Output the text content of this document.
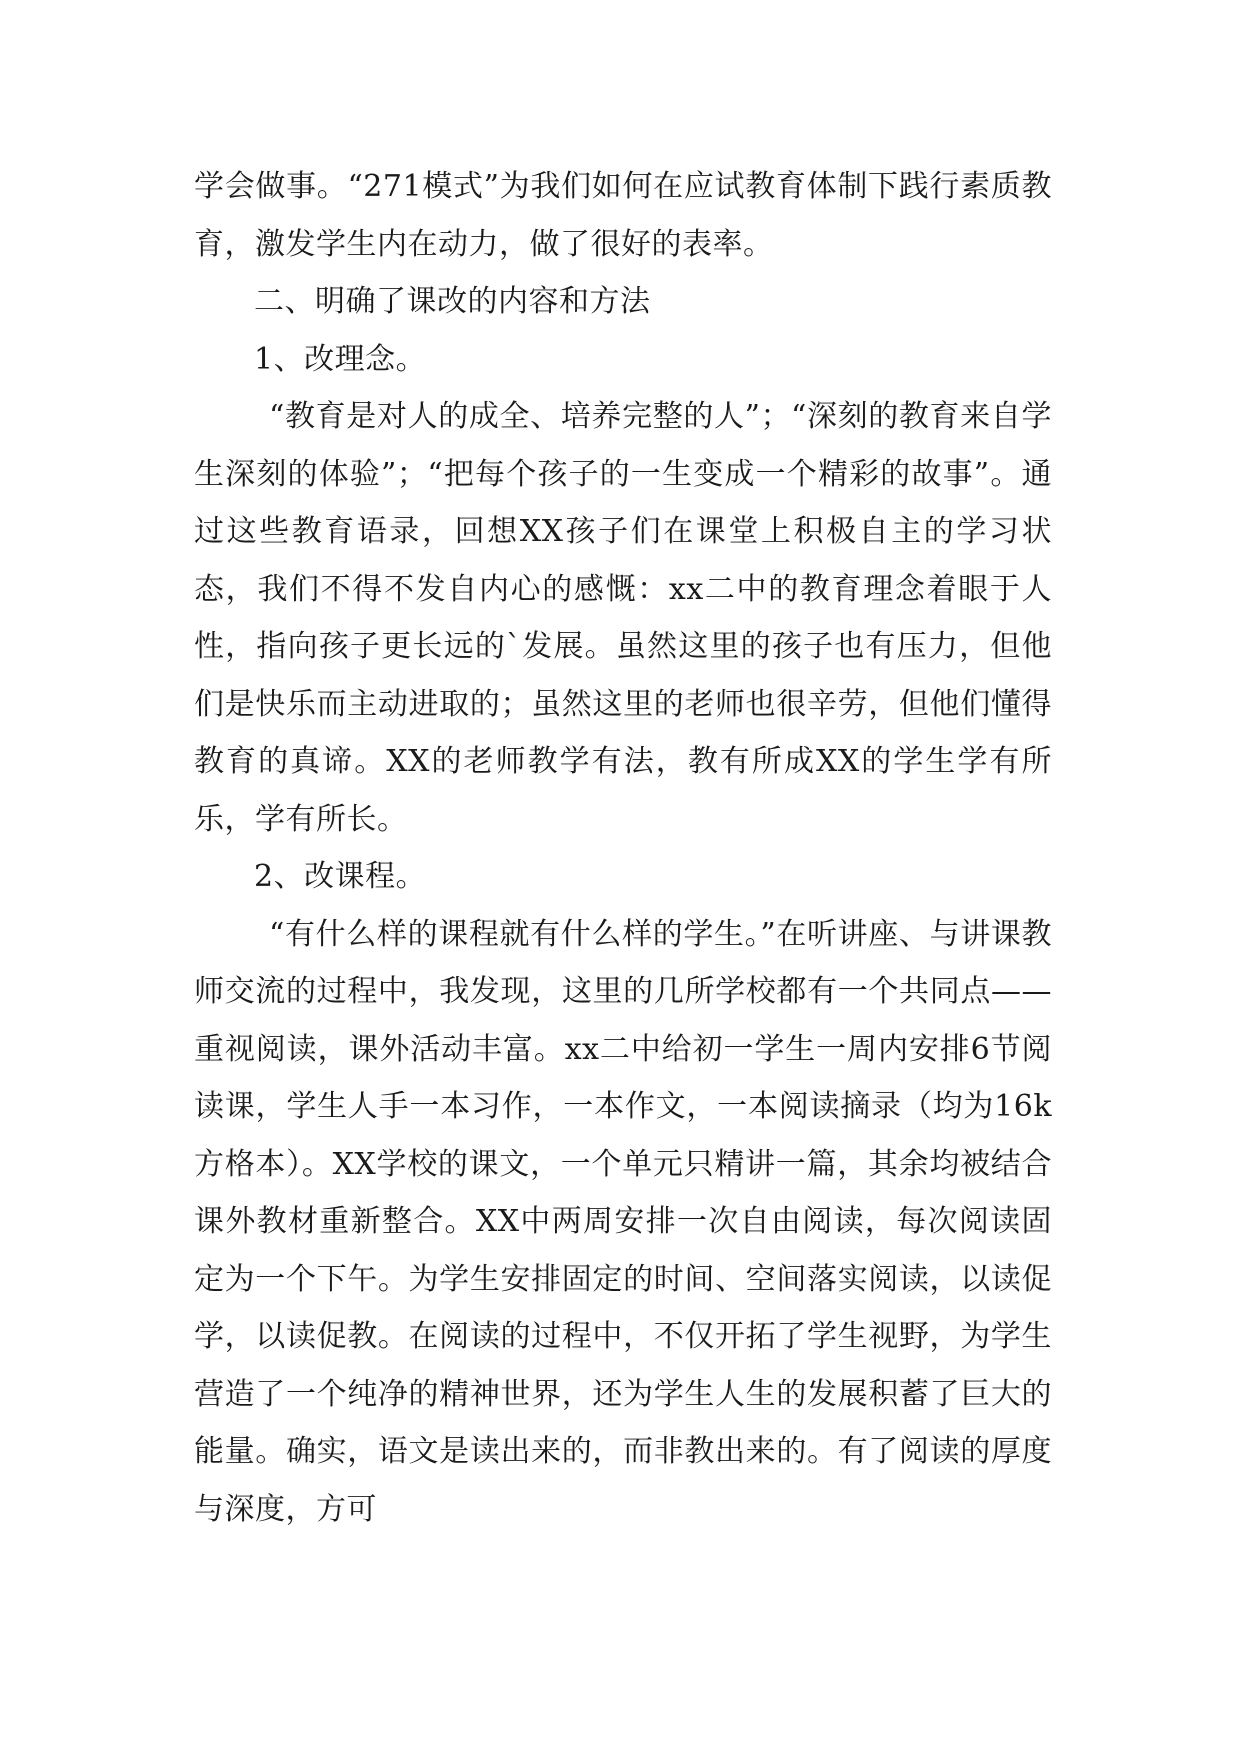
学会做事。“271模式”为我们如何在应试教育体制下践行素质教育，激发学生内在动力，做了很好的表率。

二、明确了课改的内容和方法

1、改理念。

“教育是对人的成全、培养完整的人”；“深刻的教育来自学生深刻的体验”；“把每个孩子的一生变成一个精彩的故事”。通过这些教育语录，回想XX孩子们在课堂上积极自主的学习状态，我们不得不发自内心的感慨：xx二中的教育理念着眼于人性，指向孩子更长远的`发展。虽然这里的孩子也有压力，但他们是快乐而主动进取的；虽然这里的老师也很辛劳，但他们懂得教育的真谛。XX的老师教学有法，教有所成XX的学生学有所乐，学有所长。

2、改课程。

“有什么样的课程就有什么样的学生。”在听讲座、与讲课教师交流的过程中，我发现，这里的几所学校都有一个共同点——重视阅读，课外活动丰富。xx二中给初一学生一周内安排6节阅读课，学生人手一本习作，一本作文，一本阅读摘录（均为16k方格本）。XX学校的课文，一个单元只精讲一篇，其余均被结合课外教材重新整合。XX中两周安排一次自由阅读，每次阅读固定为一个下午。为学生安排固定的时间、空间落实阅读，以读促学，以读促教。在阅读的过程中，不仅开拓了学生视野，为学生营造了一个纯净的精神世界，还为学生人生的发展积蓄了巨大的能量。确实，语文是读出来的，而非教出来的。有了阅读的厚度与深度，方可
